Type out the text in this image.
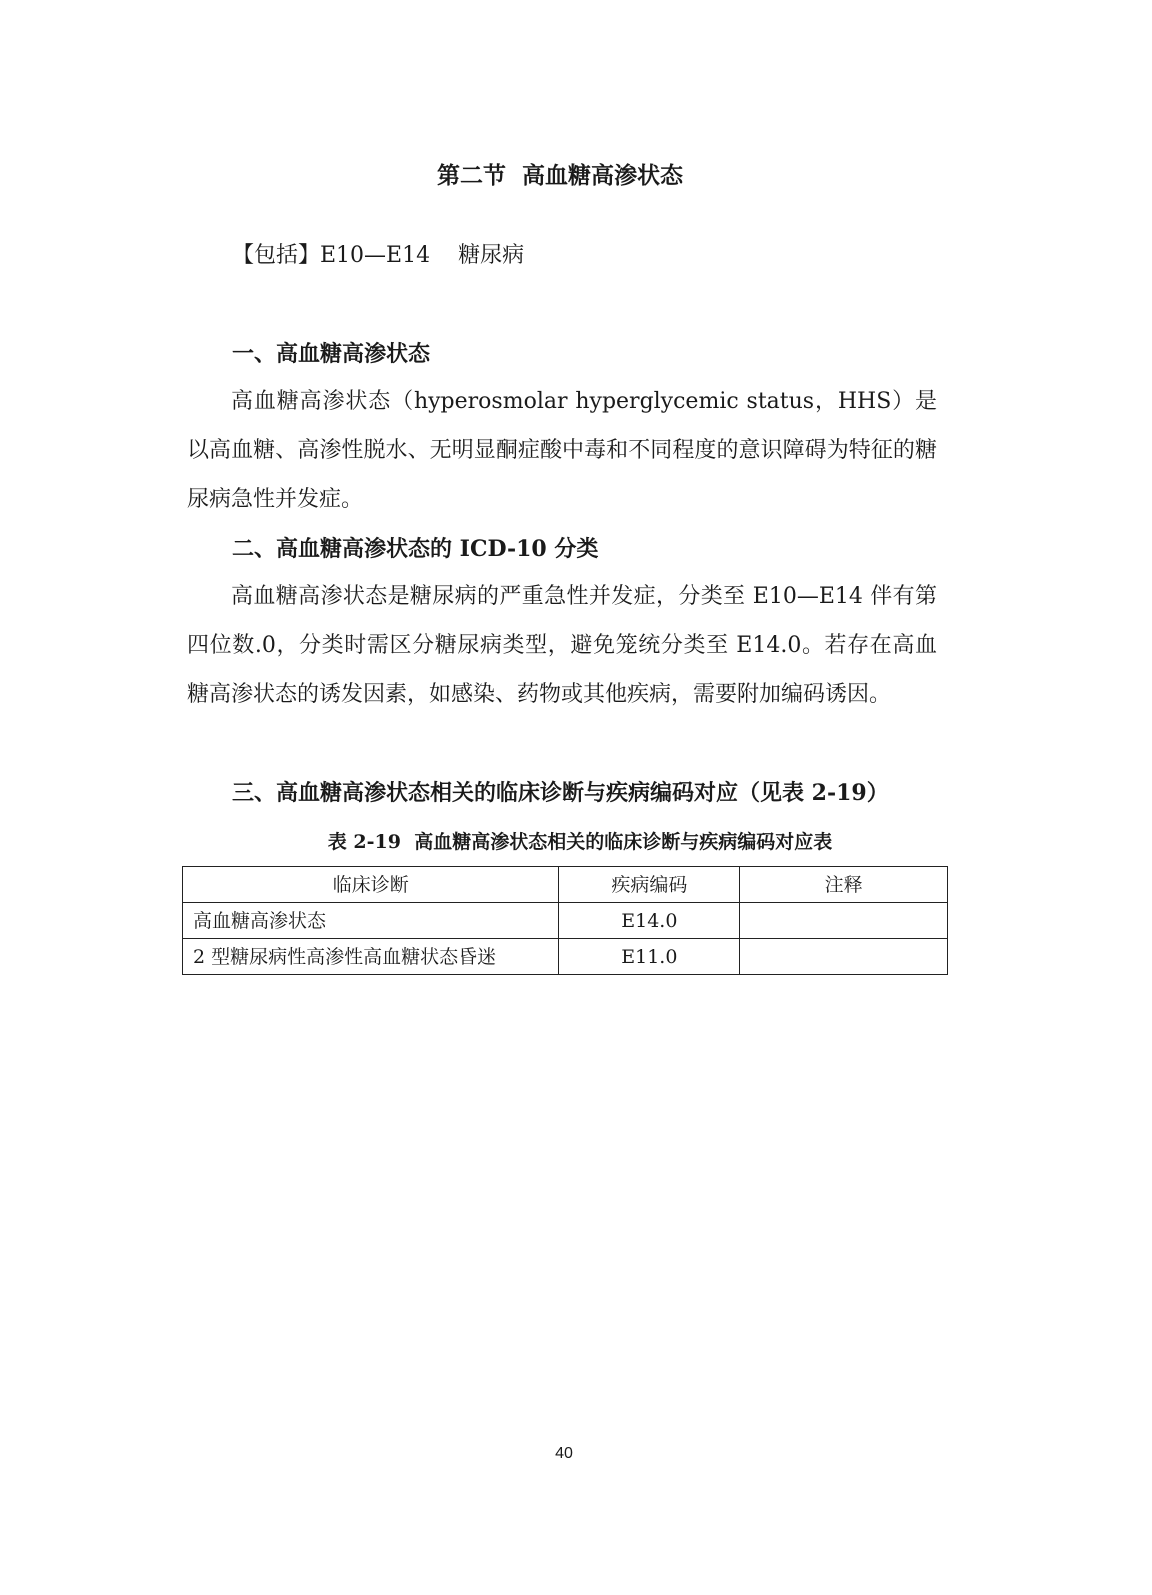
第二节  高血糖高渗状态
【包括】E10—E14    糖尿病
一、高血糖高渗状态

高血糖高渗状态（hyperosmolar hyperglycemic status，HHS）是以高血糖、高渗性脱水、无明显酮症酸中毒和不同程度的意识障碍为特征的糖尿病急性并发症。

二、高血糖高渗状态的 ICD-10 分类

高血糖高渗状态是糖尿病的严重急性并发症，分类至 E10—E14 伴有第四位数.0，分类时需区分糖尿病类型，避免笼统分类至 E14.0。若存在高血糖高渗状态的诱发因素，如感染、药物或其他疾病，需要附加编码诱因。

三、高血糖高渗状态相关的临床诊断与疾病编码对应（见表 2-19）
表 2-19  高血糖高渗状态相关的临床诊断与疾病编码对应表
临床诊断	疾病编码	注释
高血糖高渗状态	E14.0	
2 型糖尿病性高渗性高血糖状态昏迷	E11.0	
40
